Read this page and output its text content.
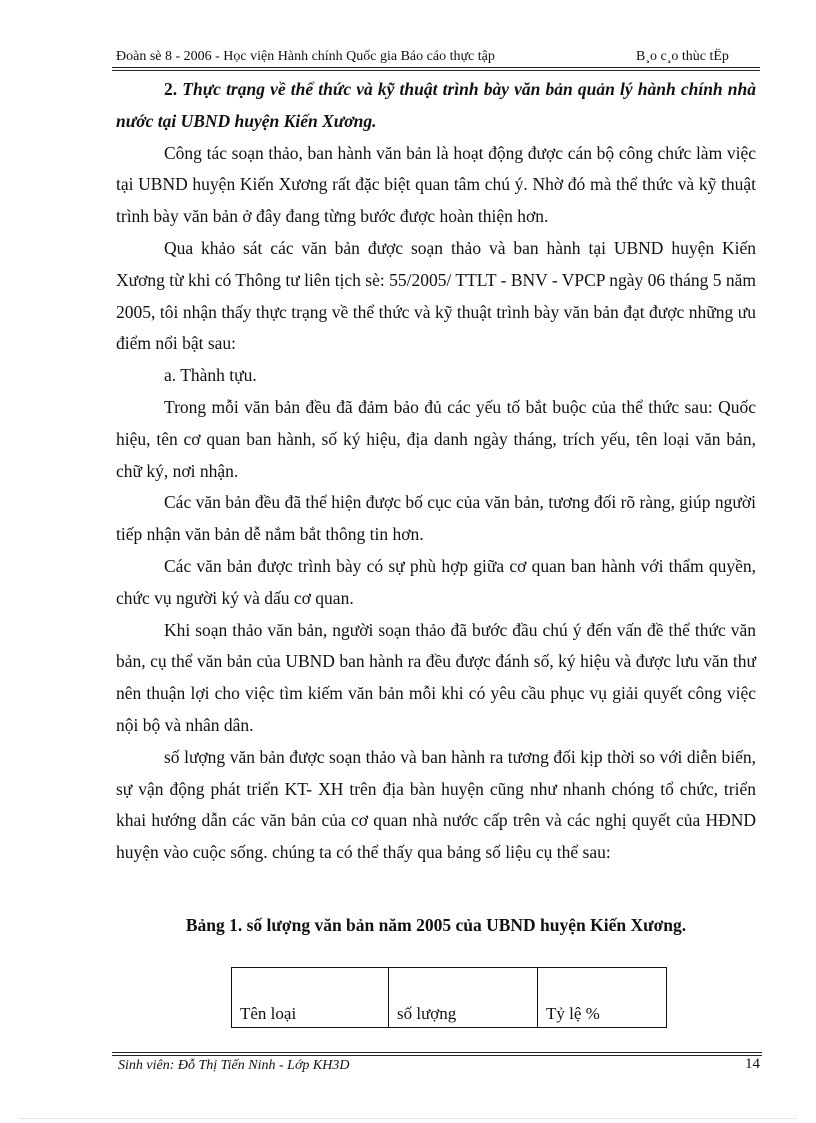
Đoàn sè 8 - 2006 - Học viện Hành chính Quốc gia Báo cáo thực tập	B¸o c¸o thùc tËp

2. Thực trạng về thể thức và kỹ thuật trình bày văn bản quản lý hành chính nhà nước tại UBND huyện Kiến Xương.

Công tác soạn thảo, ban hành văn bản là hoạt động được cán bộ công chức làm việc tại UBND huyện Kiến Xương rất đặc biệt quan tâm chú ý. Nhờ đó mà thể thức và kỹ thuật trình bày văn bản ở đây đang từng bước được hoàn thiện hơn.

Qua khảo sát các văn bản được soạn thảo và ban hành tại UBND huyện Kiến Xương từ khi có Thông tư liên tịch sè: 55/2005/ TTLT - BNV - VPCP ngày 06 tháng 5 năm 2005, tôi nhận thấy thực trạng về thể thức và kỹ thuật trình bày văn bản đạt được những ưu điểm nổi bật sau:

a. Thành tựu.

Trong mỗi văn bản đều đã đảm bảo đủ các yếu tố bắt buộc của thể thức sau: Quốc hiệu, tên cơ quan ban hành, số ký hiệu, địa danh ngày tháng, trích yếu, tên loại văn bản, chữ ký, nơi nhận.

Các văn bản đều đã thể hiện được bố cục của văn bản, tương đối rõ ràng, giúp người tiếp nhận văn bản dễ nắm bắt thông tin hơn.

Các văn bản được trình bày có sự phù hợp giữa cơ quan ban hành với thẩm quyền, chức vụ người ký và dấu cơ quan.

Khi soạn thảo văn bản, người soạn thảo đã bước đầu chú ý đến vấn đề thể thức văn bản, cụ thể văn bản của UBND ban hành ra đều được đánh số, ký hiệu và được lưu văn thư nên thuận lợi cho việc tìm kiếm văn bản mỗi khi có yêu cầu phục vụ giải quyết công việc nội bộ và nhân dân.

số lượng văn bản được soạn thảo và ban hành ra tương đối kịp thời so với diễn biến, sự vận động phát triển KT- XH trên địa bàn huyện cũng như nhanh chóng tổ chức, triển khai hướng dẫn các văn bản của cơ quan nhà nước cấp trên và các nghị quyết của HĐND huyện vào cuộc sống. chúng ta có thể thấy qua bảng số liệu cụ thể sau:

Bảng 1. số lượng văn bản năm 2005 của UBND huyện Kiến Xương.
Tên loại	số lượng	Tỷ lệ %
Sinh viên: Đỗ Thị Tiến Ninh - Lớp KH3D	14
